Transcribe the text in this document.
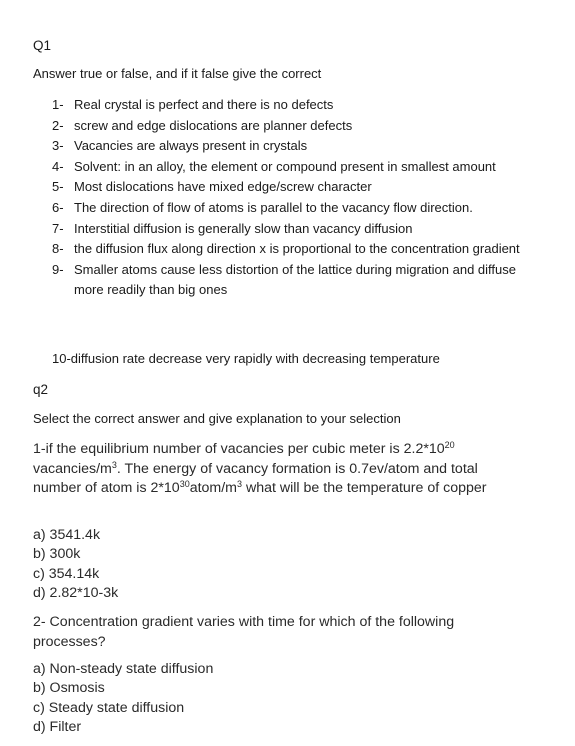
Q1
Answer true or false, and if it false give the correct
1- Real crystal is perfect and there is no defects
2- screw and edge dislocations are planner defects
3- Vacancies are always present in crystals
4- Solvent: in an alloy, the element or compound present in smallest amount
5- Most dislocations have mixed edge/screw character
6- The direction of flow of atoms is parallel to the vacancy flow direction.
7- Interstitial diffusion is generally slow than vacancy diffusion
8- the diffusion flux along direction x is proportional to the concentration gradient
9- Smaller atoms cause less distortion of the lattice during migration and diffuse more readily than big ones
10-diffusion rate decrease very rapidly with decreasing temperature
q2
Select the correct answer and give explanation to your selection
1-if the equilibrium number of vacancies per cubic meter is $2.2*10^{20}$ vacancies/$m^3$. The energy of vacancy formation is 0.7ev/atom and total number of atom is $2*10^{30}atom/m^3$ what will be the temperature of copper
a) 3541.4k
b) 300k
c) 354.14k
d) 2.82*10-3k
2- Concentration gradient varies with time for which of the following processes?
a) Non-steady state diffusion
b) Osmosis
c) Steady state diffusion
d) Filter
